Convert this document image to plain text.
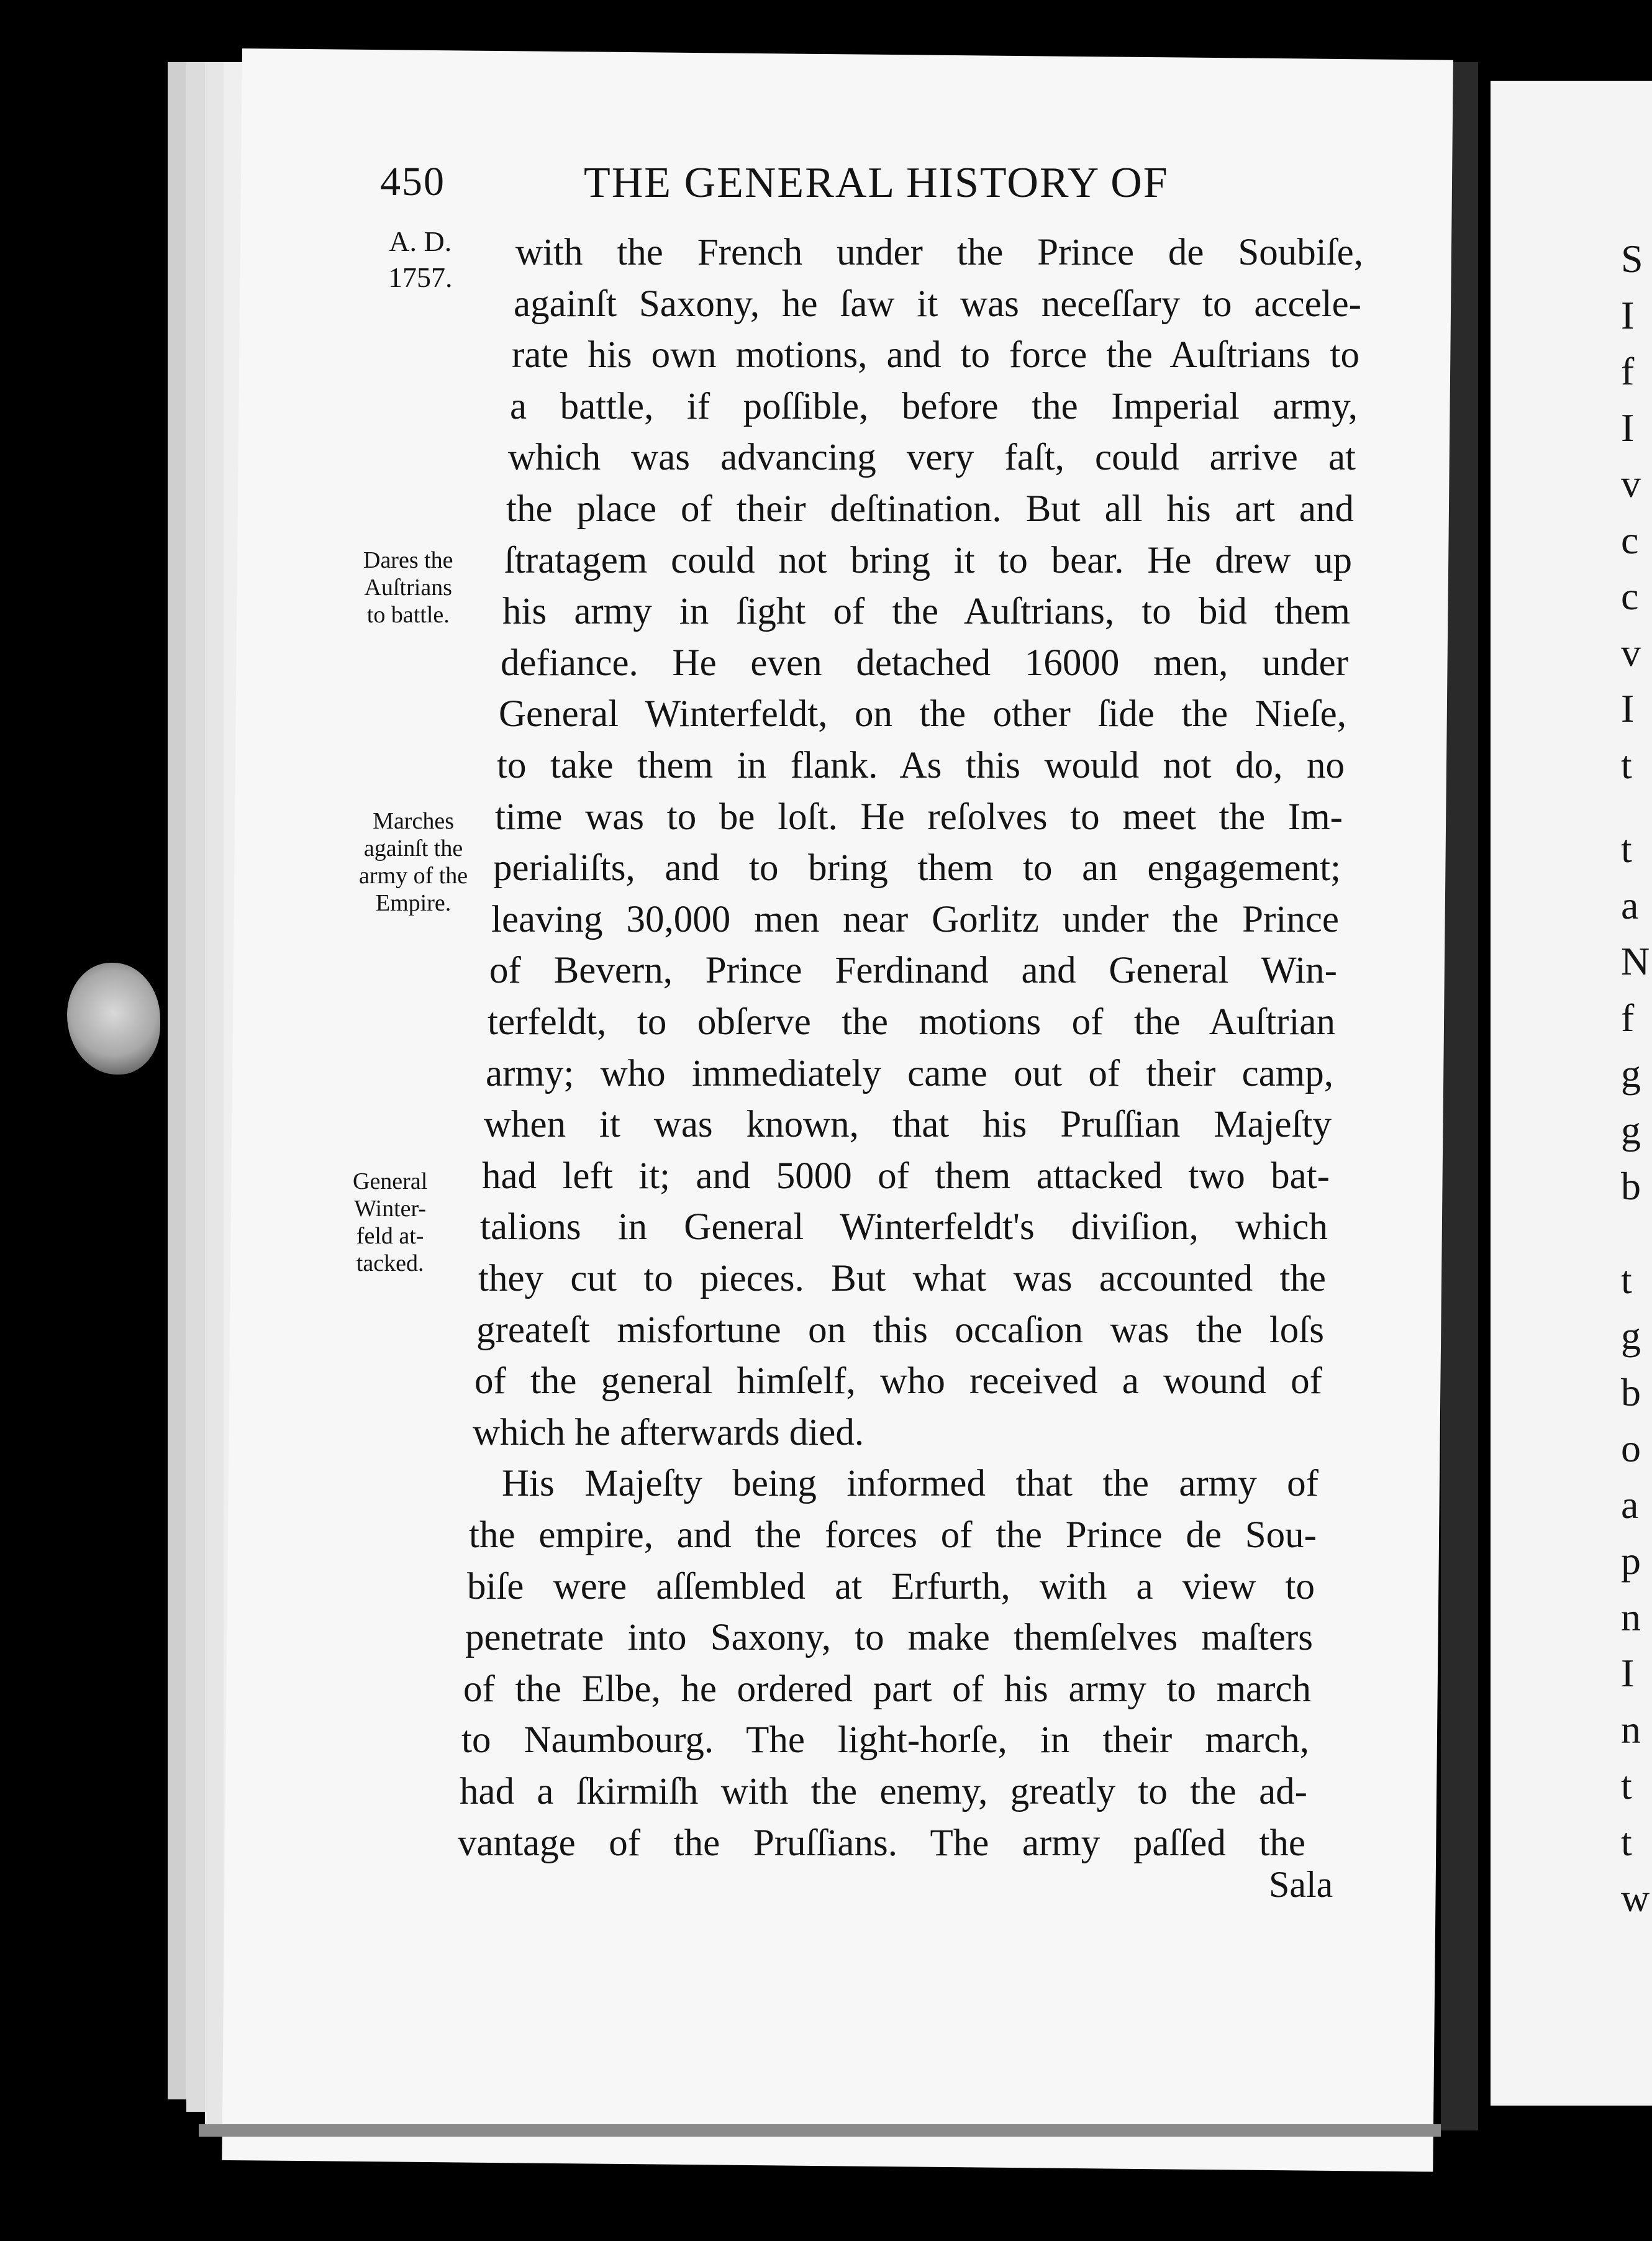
450	THE GENERAL HISTORY OF
A. D.
1757.
Dares the
Auſtrians
to battle.
Marches
againſt the
army of the
Empire.
General
Winter-
feld at-
tacked.
Sala
with the French under the Prince de Soubiſe,
againſt Saxony, he ſaw it was neceſſary to accele-
rate his own motions, and to force the Auſtrians to
a battle, if poſſible, before the Imperial army,
which was advancing very faſt, could arrive at
the place of their deſtination. But all his art and
ſtratagem could not bring it to bear. He drew up
his army in ſight of the Auſtrians, to bid them
defiance. He even detached 16000 men, under
General Winterfeldt, on the other ſide the Nieſe,
to take them in flank. As this would not do, no
time was to be loſt. He reſolves to meet the Im-
perialiſts, and to bring them to an engagement;
leaving 30,000 men near Gorlitz under the Prince
of Bevern, Prince Ferdinand and General Win-
terfeldt, to obſerve the motions of the Auſtrian
army; who immediately came out of their camp,
when it was known, that his Pruſſian Majeſty
had left it; and 5000 of them attacked two bat-
talions in General Winterfeldt's diviſion, which
they cut to pieces. But what was accounted the
greateſt misfortune on this occaſion was the loſs
of the general himſelf, who received a wound of
which he afterwards died.
His Majeſty being informed that the army of
the empire, and the forces of the Prince de Sou-
biſe were aſſembled at Erfurth, with a view to
penetrate into Saxony, to make themſelves maſters
of the Elbe, he ordered part of his army to march
to Naumbourg. The light-horſe, in their march,
had a ſkirmiſh with the enemy, greatly to the ad-
vantage of the Pruſſians. The army paſſed the
S
I
f
I
v
c
c
v
I
t
t
a
N
f
g
g
b
t
g
b
o
a
p
n
I
n
t
t
w
